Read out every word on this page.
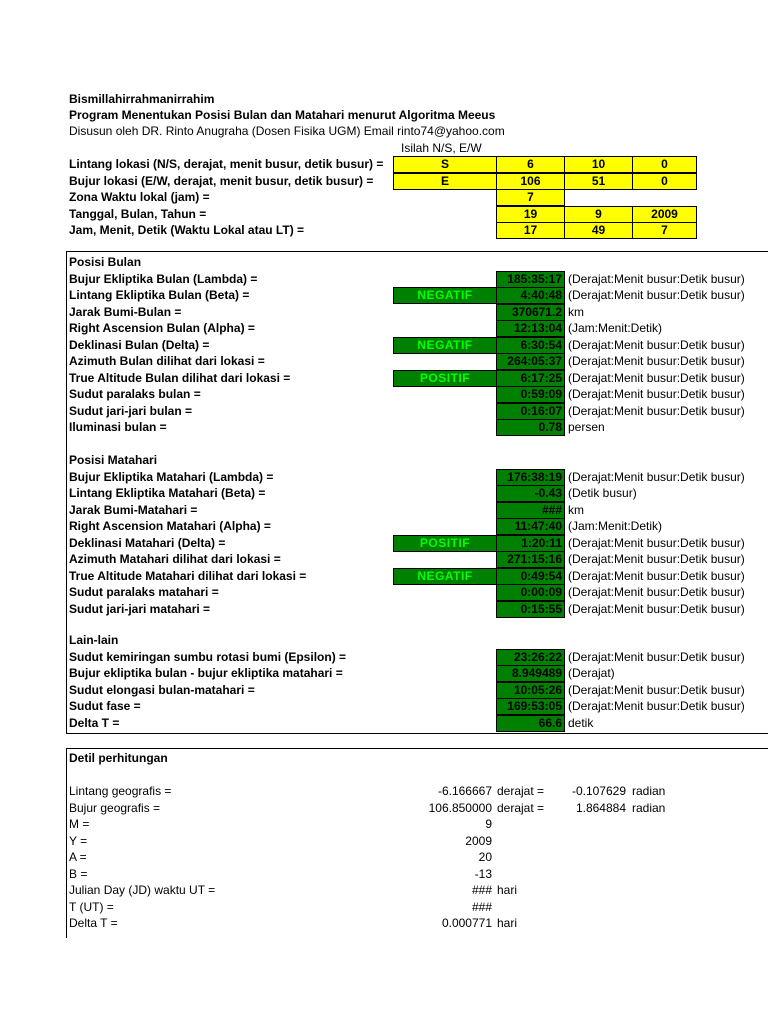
Bismillahirrahmanirrahim
Program Menentukan Posisi Bulan dan Matahari menurut Algoritma Meeus
Disusun oleh DR. Rinto Anugraha (Dosen Fisika UGM) Email rinto74@yahoo.com
Isilah N/S, E/W
Lintang lokasi (N/S, derajat, menit busur, detik busur) =	S	6	10	0
Bujur lokasi (E/W, derajat, menit busur, detik busur) =	E	106	51	0
Zona Waktu lokal (jam) =	7
Tanggal, Bulan, Tahun =	19	9	2009
Jam, Menit, Detik (Waktu Lokal atau LT) =	17	49	7
Posisi Bulan
Bujur Ekliptika Bulan (Lambda) =	185:35:17 (Derajat:Menit busur:Detik busur)
Lintang Ekliptika Bulan (Beta) =	NEGATIF	4:40:48 (Derajat:Menit busur:Detik busur)
Jarak Bumi-Bulan =	370671.2 km
Right Ascension Bulan (Alpha) =	12:13:04 (Jam:Menit:Detik)
Deklinasi Bulan (Delta) =	NEGATIF	6:30:54 (Derajat:Menit busur:Detik busur)
Azimuth Bulan dilihat dari lokasi =	264:05:37 (Derajat:Menit busur:Detik busur)
True Altitude Bulan dilihat dari lokasi =	POSITIF	6:17:25 (Derajat:Menit busur:Detik busur)
Sudut paralaks bulan =	0:59:09 (Derajat:Menit busur:Detik busur)
Sudut jari-jari bulan =	0:16:07 (Derajat:Menit busur:Detik busur)
Iluminasi bulan =	0.78 persen
Posisi Matahari
Bujur Ekliptika Matahari (Lambda) =	176:38:19 (Derajat:Menit busur:Detik busur)
Lintang Ekliptika Matahari (Beta) =	-0.43 (Detik busur)
Jarak Bumi-Matahari =	### km
Right Ascension Matahari (Alpha) =	11:47:40 (Jam:Menit:Detik)
Deklinasi Matahari (Delta) =	POSITIF	1:20:11 (Derajat:Menit busur:Detik busur)
Azimuth Matahari dilihat dari lokasi =	271:15:16 (Derajat:Menit busur:Detik busur)
True Altitude Matahari dilihat dari lokasi =	NEGATIF	0:49:54 (Derajat:Menit busur:Detik busur)
Sudut paralaks matahari =	0:00:09 (Derajat:Menit busur:Detik busur)
Sudut jari-jari matahari =	0:15:55 (Derajat:Menit busur:Detik busur)
Lain-lain
Sudut kemiringan sumbu rotasi bumi (Epsilon) =	23:26:22 (Derajat:Menit busur:Detik busur)
Bujur ekliptika bulan - bujur ekliptika matahari =	8.949489 (Derajat)
Sudut elongasi bulan-matahari =	10:05:26 (Derajat:Menit busur:Detik busur)
Sudut fase =	169:53:05 (Derajat:Menit busur:Detik busur)
Delta T =	66.6 detik
Detil perhitungan
Lintang geografis =	-6.166667 derajat =	-0.107629 radian
Bujur geografis =	106.850000 derajat =	1.864884 radian
M =	9
Y =	2009
A =	20
B =	-13
Julian Day (JD) waktu UT =	### hari
T (UT) =	###
Delta T =	0.000771 hari
